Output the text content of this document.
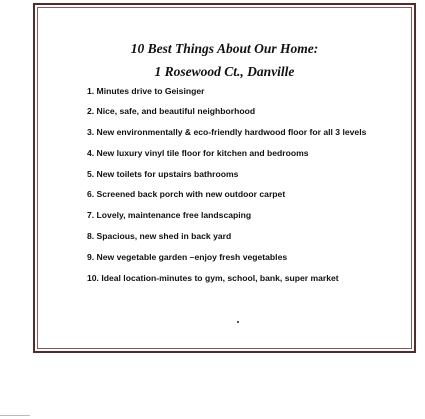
10 Best Things About Our Home:
1 Rosewood Ct., Danville
1. Minutes drive to Geisinger
2. Nice, safe, and beautiful neighborhood
3. New environmentally & eco-friendly hardwood floor for all 3 levels
4. New luxury vinyl tile floor for kitchen and bedrooms
5. New toilets for upstairs bathrooms
6. Screened back porch with new outdoor carpet
7. Lovely, maintenance free landscaping
8. Spacious, new shed in back yard
9. New vegetable garden –enjoy fresh vegetables
10. Ideal location-minutes to gym, school, bank, super market
